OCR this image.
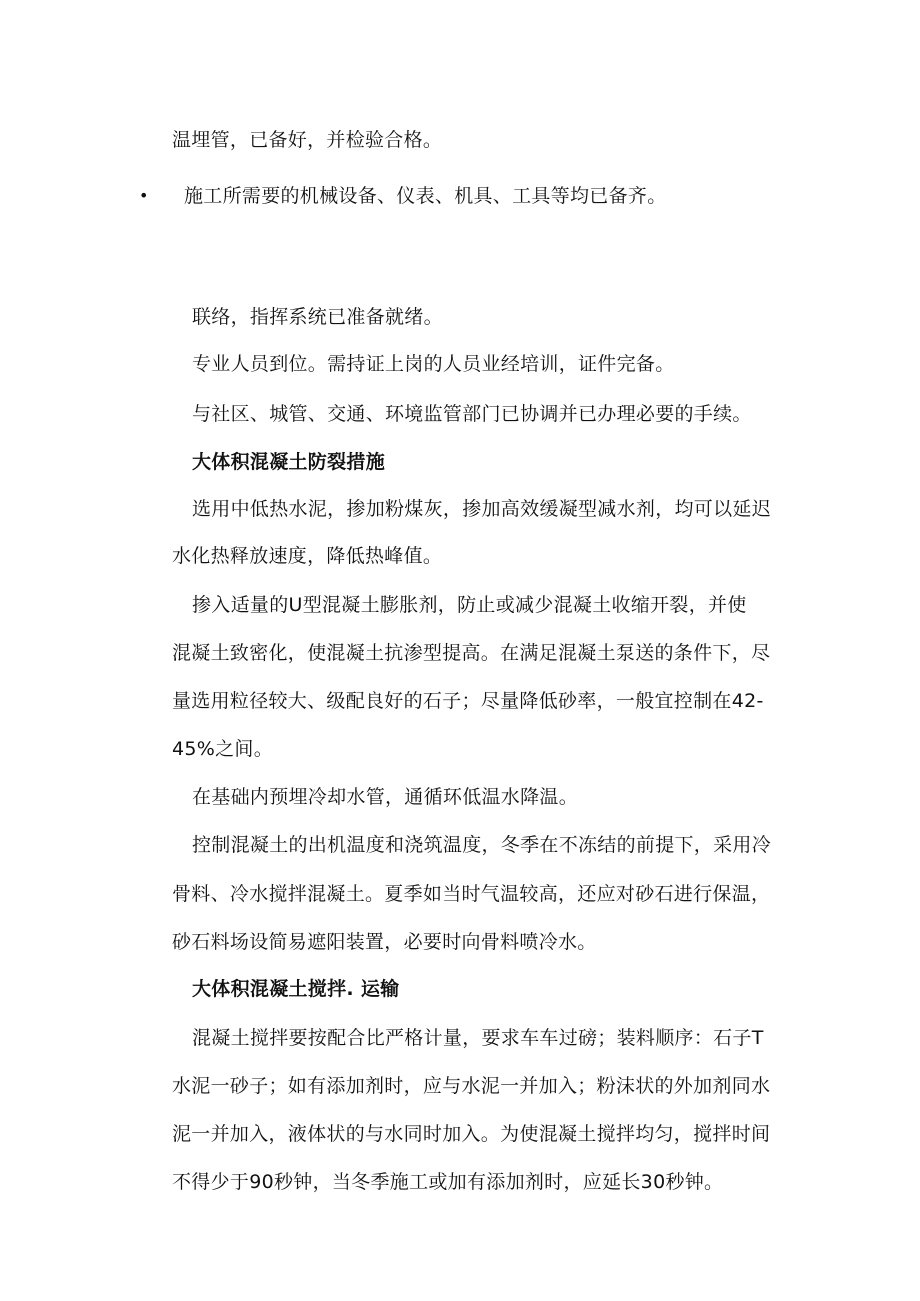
温埋管，已备好，并检验合格。
• 施工所需要的机械设备、仪表、机具、工具等均已备齐。
联络，指挥系统已准备就绪。
专业人员到位。需持证上岗的人员业经培训，证件完备。
与社区、城管、交通、环境监管部门已协调并已办理必要的手续。
大体积混凝土防裂措施
选用中低热水泥，掺加粉煤灰，掺加高效缓凝型减水剂，均可以延迟
水化热释放速度，降低热峰值。
掺入适量的U型混凝土膨胀剂，防止或减少混凝土收缩开裂，并使
混凝土致密化，使混凝土抗渗型提高。在满足混凝土泵送的条件下，尽
量选用粒径较大、级配良好的石子；尽量降低砂率，一般宜控制在42-
45%之间。
在基础内预埋冷却水管，通循环低温水降温。
控制混凝土的出机温度和浇筑温度，冬季在不冻结的前提下，采用冷
骨料、冷水搅拌混凝土。夏季如当时气温较高，还应对砂石进行保温，
砂石料场设简易遮阳装置，必要时向骨料喷冷水。
大体积混凝土搅拌. 运输
混凝土搅拌要按配合比严格计量，要求车车过磅；装料顺序：石子T
水泥一砂子；如有添加剂时，应与水泥一并加入；粉沫状的外加剂同水
泥一并加入，液体状的与水同时加入。为使混凝土搅拌均匀，搅拌时间
不得少于90秒钟，当冬季施工或加有添加剂时，应延长30秒钟。
